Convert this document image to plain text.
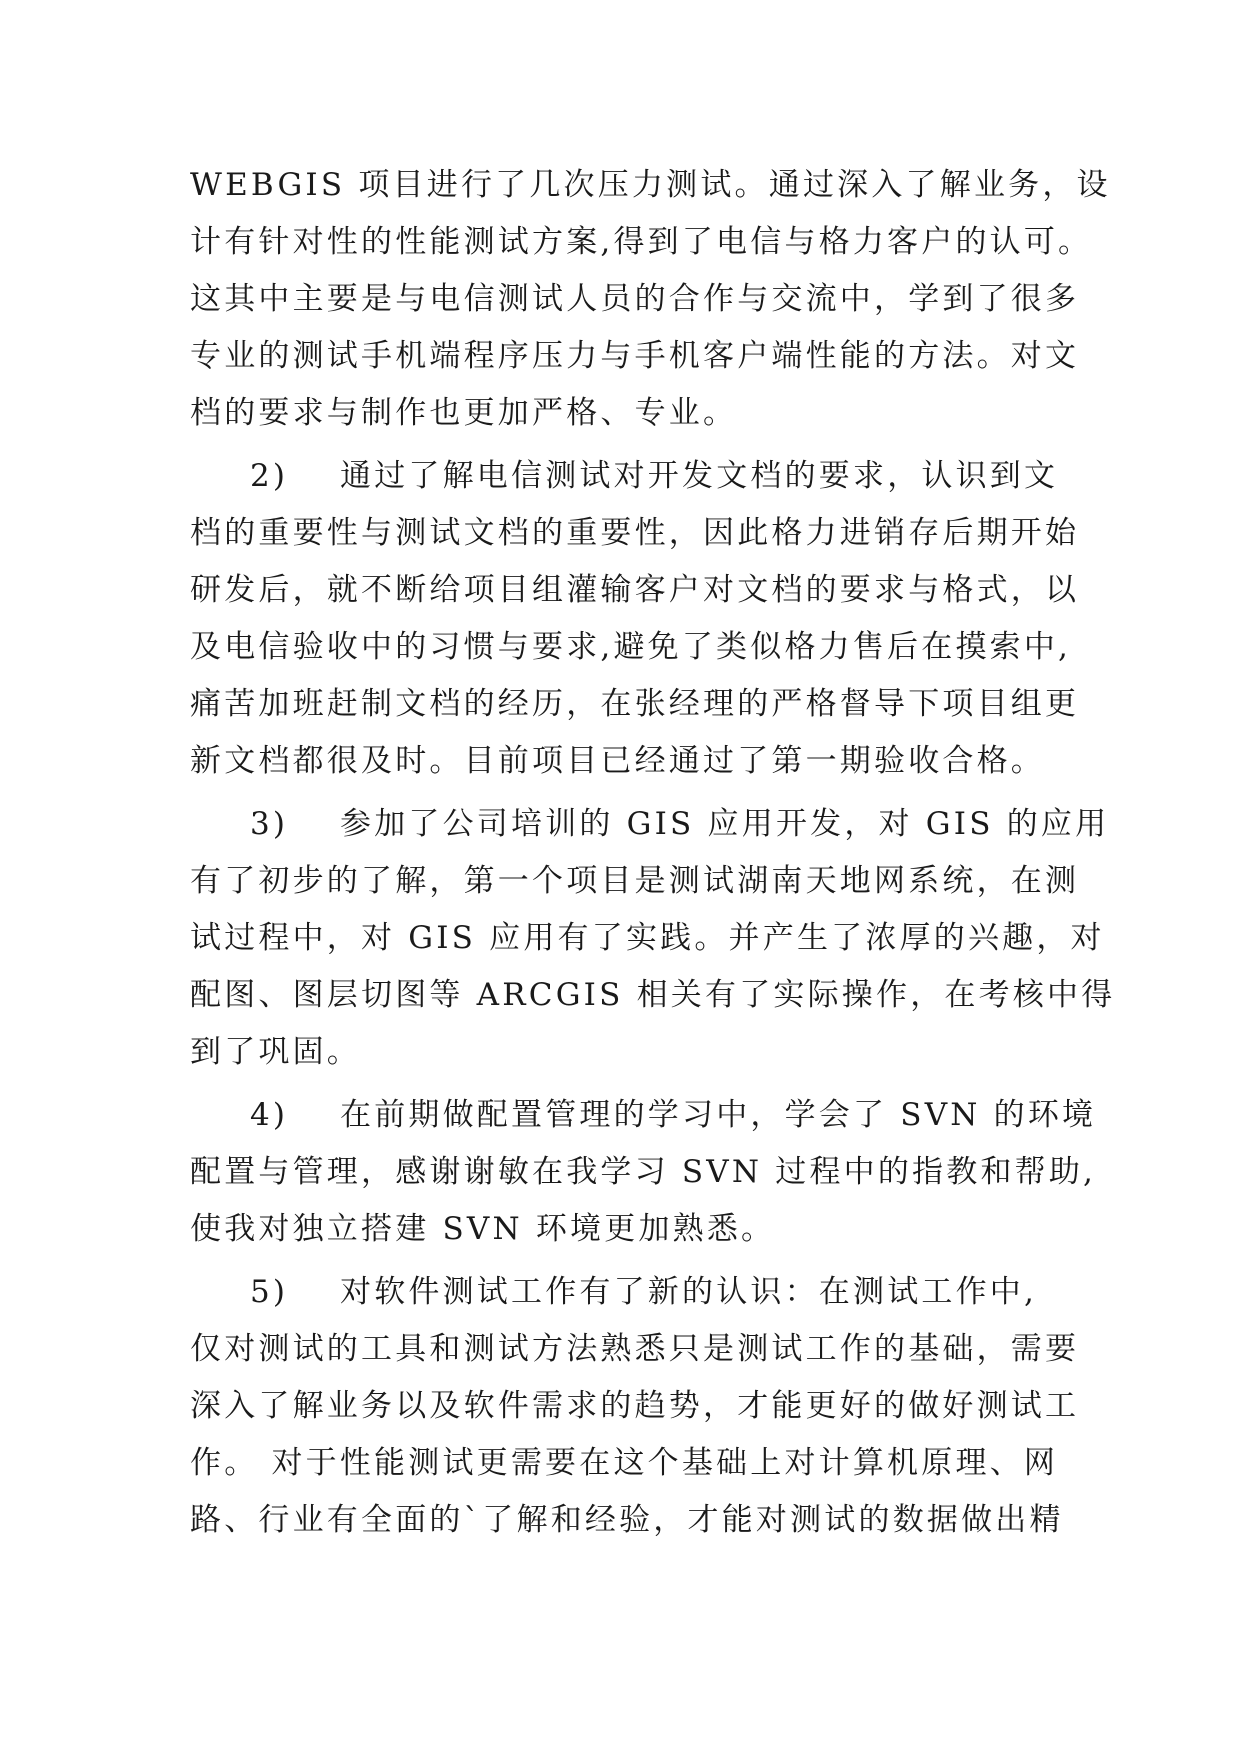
WEBGIS 项目进行了几次压力测试。通过深入了解业务，设
计有针对性的性能测试方案,得到了电信与格力客户的认可。
这其中主要是与电信测试人员的合作与交流中，学到了很多
专业的测试手机端程序压力与手机客户端性能的方法。对文
档的要求与制作也更加严格、专业。
2) 通过了解电信测试对开发文档的要求，认识到文
档的重要性与测试文档的重要性，因此格力进销存后期开始
研发后，就不断给项目组灌输客户对文档的要求与格式，以
及电信验收中的习惯与要求,避免了类似格力售后在摸索中,
痛苦加班赶制文档的经历，在张经理的严格督导下项目组更
新文档都很及时。目前项目已经通过了第一期验收合格。
3) 参加了公司培训的 GIS 应用开发，对 GIS 的应用
有了初步的了解，第一个项目是测试湖南天地网系统，在测
试过程中，对 GIS 应用有了实践。并产生了浓厚的兴趣，对
配图、图层切图等 ARCGIS 相关有了实际操作，在考核中得
到了巩固。
4) 在前期做配置管理的学习中，学会了 SVN 的环境
配置与管理，感谢谢敏在我学习 SVN 过程中的指教和帮助,
使我对独立搭建 SVN 环境更加熟悉。
5) 对软件测试工作有了新的认识：在测试工作中,
仅对测试的工具和测试方法熟悉只是测试工作的基础，需要
深入了解业务以及软件需求的趋势，才能更好的做好测试工
作。 对于性能测试更需要在这个基础上对计算机原理、网
路、行业有全面的`了解和经验，才能对测试的数据做出精
